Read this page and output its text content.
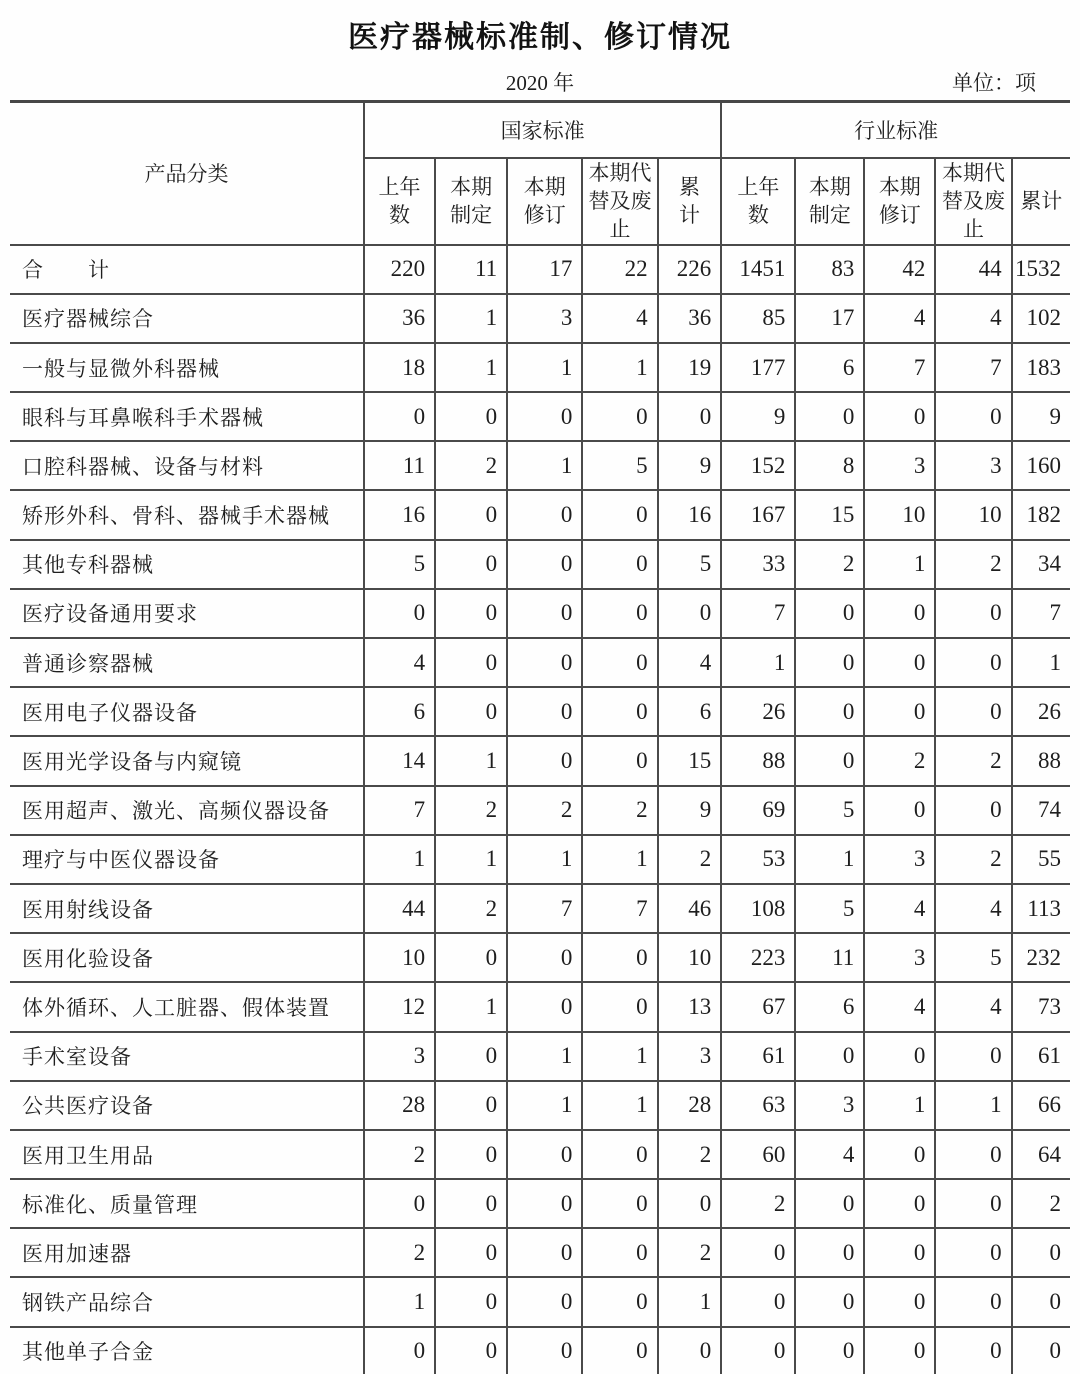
医疗器械标准制、修订情况
2020 年	单位：项
产品分类	国家标准					行业标准				
	上年数	本期制定	本期修订	本期代替及废止	累计	上年数	本期制定	本期修订	本期代替及废止	累计
合　　计	220	11	17	22	226	1451	83	42	44	1532
医疗器械综合	36	1	3	4	36	85	17	4	4	102
一般与显微外科器械	18	1	1	1	19	177	6	7	7	183
眼科与耳鼻喉科手术器械	0	0	0	0	0	9	0	0	0	9
口腔科器械、设备与材料	11	2	1	5	9	152	8	3	3	160
矫形外科、骨科、器械手术器械	16	0	0	0	16	167	15	10	10	182
其他专科器械	5	0	0	0	5	33	2	1	2	34
医疗设备通用要求	0	0	0	0	0	7	0	0	0	7
普通诊察器械	4	0	0	0	4	1	0	0	0	1
医用电子仪器设备	6	0	0	0	6	26	0	0	0	26
医用光学设备与内窥镜	14	1	0	0	15	88	0	2	2	88
医用超声、激光、高频仪器设备	7	2	2	2	9	69	5	0	0	74
理疗与中医仪器设备	1	1	1	1	2	53	1	3	2	55
医用射线设备	44	2	7	7	46	108	5	4	4	113
医用化验设备	10	0	0	0	10	223	11	3	5	232
体外循环、人工脏器、假体装置	12	1	0	0	13	67	6	4	4	73
手术室设备	3	0	1	1	3	61	0	0	0	61
公共医疗设备	28	0	1	1	28	63	3	1	1	66
医用卫生用品	2	0	0	0	2	60	4	0	0	64
标准化、质量管理	0	0	0	0	0	2	0	0	0	2
医用加速器	2	0	0	0	2	0	0	0	0	0
钢铁产品综合	1	0	0	0	1	0	0	0	0	0
其他单子合金	0	0	0	0	0	0	0	0	0	0
